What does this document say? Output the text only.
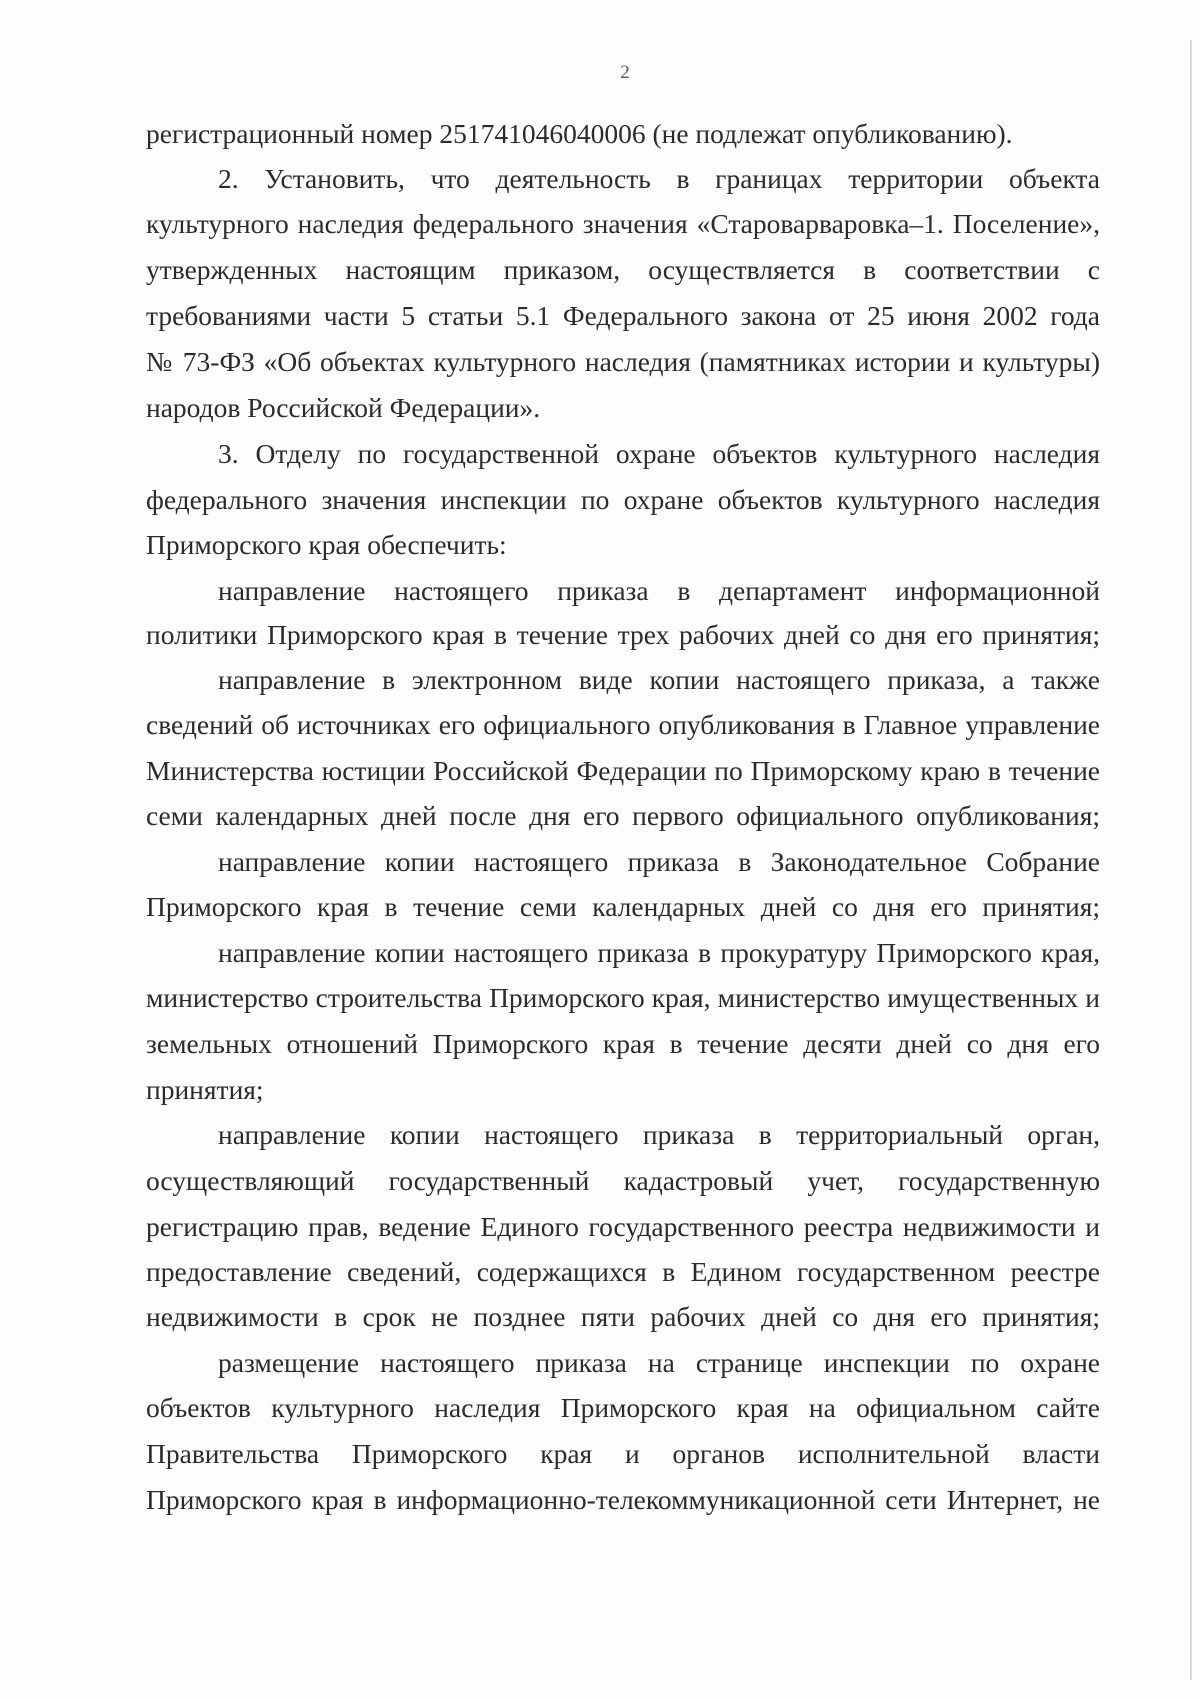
2
регистрационный номер 251741046040006 (не подлежат опубликованию).
2. Установить, что деятельность в границах территории объекта
культурного наследия федерального значения «Староварваровка–1. Поселение»,
утвержденных настоящим приказом, осуществляется в соответствии с
требованиями части 5 статьи 5.1 Федерального закона от 25 июня 2002 года
№ 73-ФЗ «Об объектах культурного наследия (памятниках истории и культуры)
народов Российской Федерации».
3. Отделу по государственной охране объектов культурного наследия
федерального значения инспекции по охране объектов культурного наследия
Приморского края обеспечить:
направление настоящего приказа в департамент информационной
политики Приморского края в течение трех рабочих дней со дня его принятия;
направление в электронном виде копии настоящего приказа, а также
сведений об источниках его официального опубликования в Главное управление
Министерства юстиции Российской Федерации по Приморскому краю в течение
семи календарных дней после дня его первого официального опубликования;
направление копии настоящего приказа в Законодательное Собрание
Приморского края в течение семи календарных дней со дня его принятия;
направление копии настоящего приказа в прокуратуру Приморского края,
министерство строительства Приморского края, министерство имущественных и
земельных отношений Приморского края в течение десяти дней со дня его
принятия;
направление копии настоящего приказа в территориальный орган,
осуществляющий государственный кадастровый учет, государственную
регистрацию прав, ведение Единого государственного реестра недвижимости и
предоставление сведений, содержащихся в Едином государственном реестре
недвижимости в срок не позднее пяти рабочих дней со дня его принятия;
размещение настоящего приказа на странице инспекции по охране
объектов культурного наследия Приморского края на официальном сайте
Правительства Приморского края и органов исполнительной власти
Приморского края в информационно-телекоммуникационной сети Интернет, не
